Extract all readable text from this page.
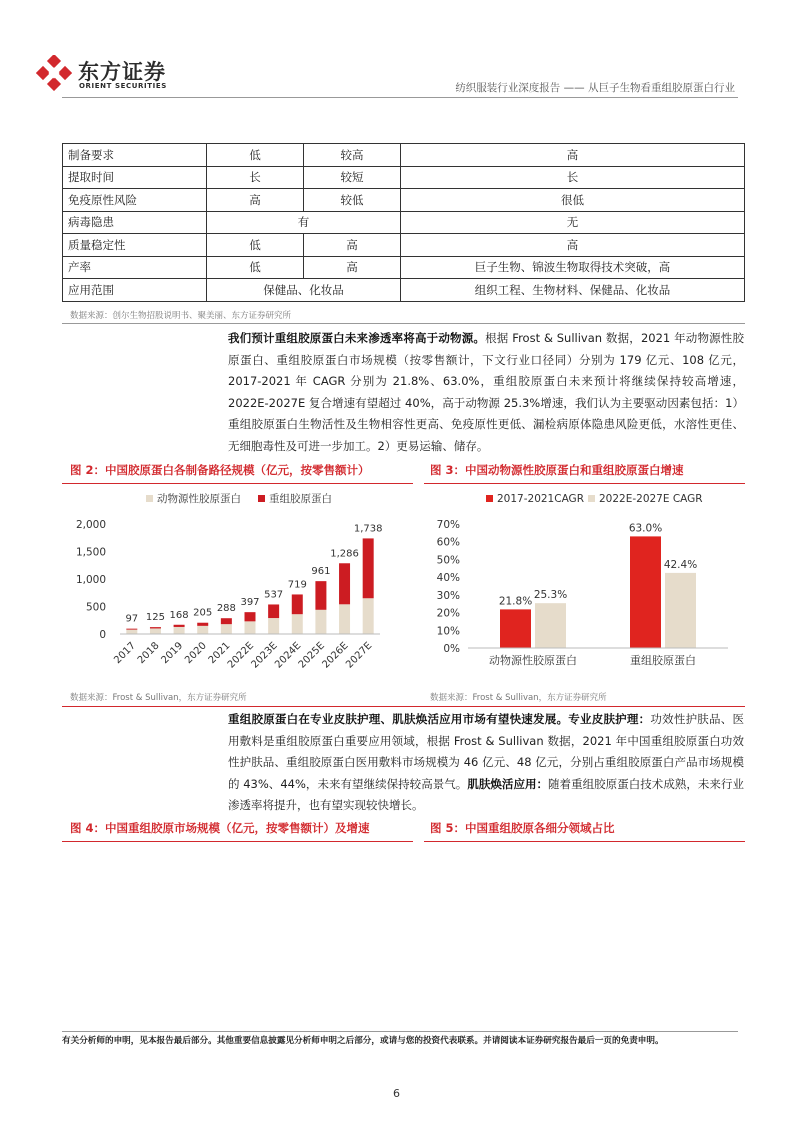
东方证券
ORIENT SECURITIES	纺织服装行业深度报告 —— 从巨子生物看重组胶原蛋白行业
制备要求	低	较高	高
提取时间	长	较短	长
免疫原性风险	高	较低	很低
病毒隐患	有		无
质量稳定性	低	高	高
产率	低	高	巨子生物、锦波生物取得技术突破，高
应用范围	保健品、化妆品		组织工程、生物材料、保健品、化妆品
数据来源：创尔生物招股说明书、聚美丽、东方证券研究所
我们预计重组胶原蛋白未来渗透率将高于动物源。根据 Frost & Sullivan 数据，2021 年动物源性胶原蛋白、重组胶原蛋白市场规模（按零售额计，下文行业口径同）分别为 179 亿元、108 亿元，2017-2021 年 CAGR 分别为 21.8%、63.0%，重组胶原蛋白未来预计将继续保持较高增速，2022E-2027E 复合增速有望超过 40%，高于动物源 25.3%增速，我们认为主要驱动因素包括：1）重组胶原蛋白生物活性及生物相容性更高、免疫原性更低、漏检病原体隐患风险更低，水溶性更佳、无细胞毒性及可进一步加工。2）更易运输、储存。
图 2：中国胶原蛋白各制备路径规模（亿元，按零售额计）
动物源性胶原蛋白	重组胶原蛋白
2,000
1,500
1,000
500
0
97
2017
125
2018
168
2019
205
2020
288
2021
397
2022E
537
2023E
719
2024E
961
2025E
1,286
2026E
1,738
2027E
数据来源：Frost & Sullivan，东方证券研究所
图 3：中国动物源性胶原蛋白和重组胶原蛋白增速
2017-2021CAGR 2022E-2027E CAGR
70%
60%
50%
40%
30%
20%
10%
0%
21.8%
25.3%
动物源性胶原蛋白
63.0%
42.4%
重组胶原蛋白
数据来源：Frost & Sullivan，东方证券研究所
重组胶原蛋白在专业皮肤护理、肌肤焕活应用市场有望快速发展。专业皮肤护理：功效性护肤品、医用敷料是重组胶原蛋白重要应用领域，根据 Frost & Sullivan 数据，2021 年中国重组胶原蛋白功效性护肤品、重组胶原蛋白医用敷料市场规模为 46 亿元、48 亿元，分别占重组胶原蛋白产品市场规模的 43%、44%，未来有望继续保持较高景气。肌肤焕活应用：随着重组胶原蛋白技术成熟，未来行业渗透率将提升，也有望实现较快增长。
图 4：中国重组胶原市场规模（亿元，按零售额计）及增速	图 5：中国重组胶原各细分领域占比
有关分析师的申明，见本报告最后部分。其他重要信息披露见分析师申明之后部分，或请与您的投资代表联系。并请阅读本证券研究报告最后一页的免责申明。
6
